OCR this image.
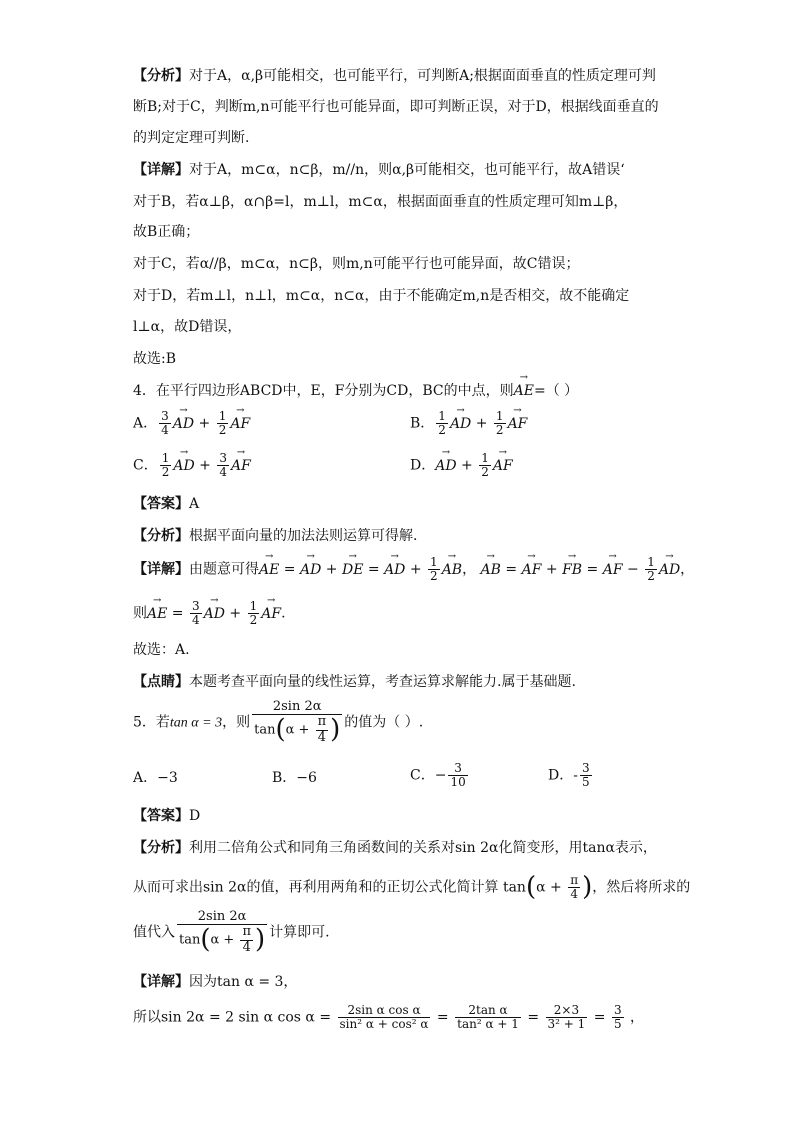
【分析】对于A，α,β可能相交，也可能平行，可判断A;根据面面垂直的性质定理可判
断B;对于C，判断m,n可能平行也可能异面，即可判断正误，对于D，根据线面垂直的
的判定定理可判断.
【详解】对于A，m⊂α，n⊂β，m//n，则α,β可能相交，也可能平行，故A错误‘
对于B，若α⊥β，α∩β=l，m⊥l，m⊂α，根据面面垂直的性质定理可知m⊥β，
故B正确；
对于C，若α//β，m⊂α，n⊂β，则m,n可能平行也可能异面，故C错误；
对于D，若m⊥l，n⊥l，m⊂α，n⊂α，由于不能确定m,n是否相交，故不能确定
l⊥α，故D错误，
故选:B
4．在平行四边形ABCD中，E，F分别为CD，BC的中点，则→ AE=（ ）
A． $\frac{3}{4}$ → AD + $\frac{1}{2}$ → AF	B． $\frac{1}{2}$ → AD + $\frac{1}{2}$ → AF
C． $\frac{1}{2}$ → AD + $\frac{3}{4}$ → AF	D．→ AD + $\frac{1}{2}$ → AF
【答案】A
【分析】根据平面向量的加法法则运算可得解.
【详解】由题意可得→ AE = → AD + → DE = → AD + $\frac{1}{2}$ → AB， → AB = → AF + → FB = → AF − $\frac{1}{2}$ → AD，
则→ AE = $\frac{3}{4}$ → AD + $\frac{1}{2}$ → AF.
故选：A.
【点睛】本题考查平面向量的线性运算，考查运算求解能力.属于基础题.
5．若tan α = 3，则 $\frac{2\sin 2\alpha}{\tan(\alpha + \frac{\pi}{4} )}$ 的值为（ ）.
A．−3	B．−6	C．− $\frac{3}{10}$	D．- $\frac{3}{5}$
【答案】D
【分析】利用二倍角公式和同角三角函数间的关系对sin 2α化简变形，用tanα表示，
从而可求出sin 2α的值，再利用两角和的正切公式化简计算 $\tan(\alpha + \frac{\pi}{4}$ )，然后将所求的
值代入 $\frac{2\sin 2\alpha}{\tan(\alpha + \frac{\pi}{4} )}$ 计算即可.
【详解】因为tan α = 3，
所以sin 2α = 2 sin α $\cos \alpha = \frac{\text{2sin α cos α}}{\text{sin² α + cos² α}} = \frac{\text{2tan α}}{\text{tan² α + 1}} = \frac{2\times 3}{\text{3² + 1}} = \frac{3}{5}$ ，
